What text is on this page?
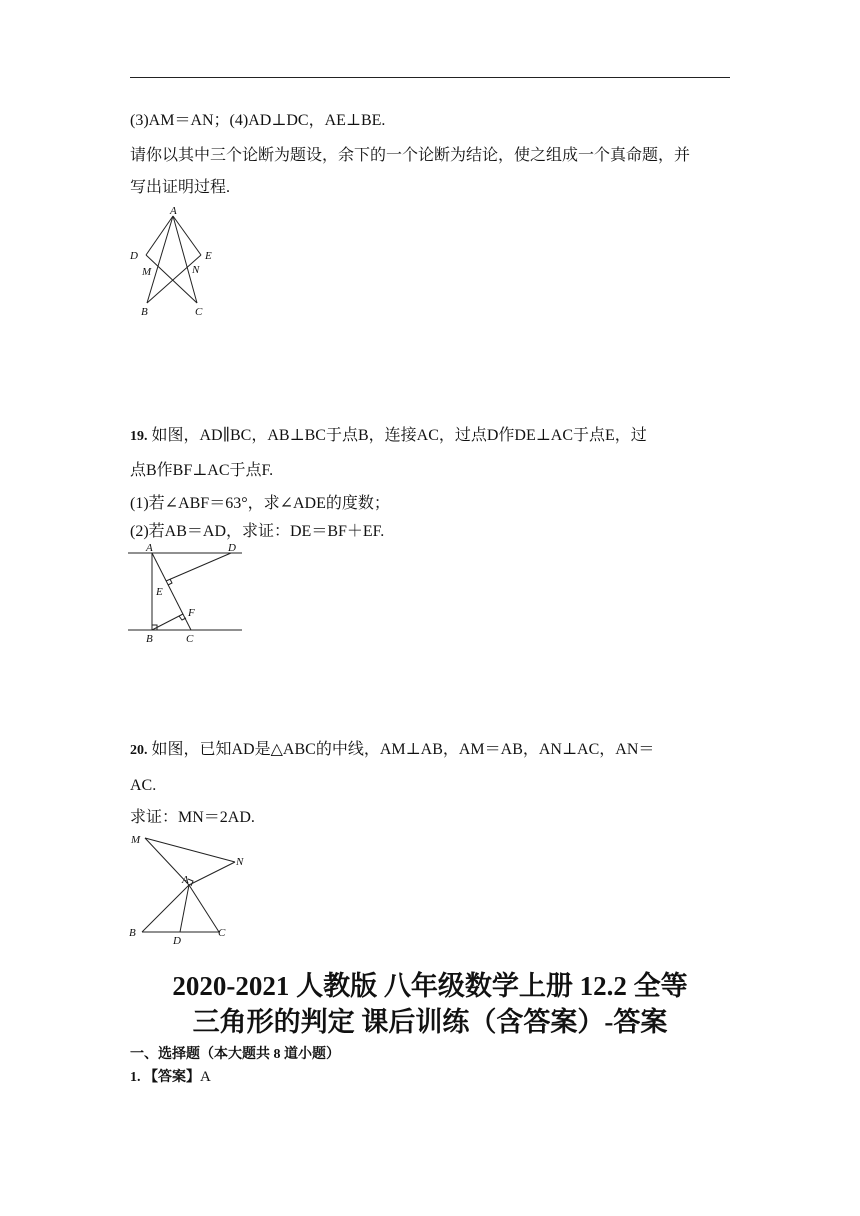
(3)AM＝AN；(4)AD⊥DC，AE⊥BE.
请你以其中三个论断为题设，余下的一个论断为结论，使之组成一个真命题，并
写出证明过程.
A
D	E
M	N
B	C
19. 如图，AD∥BC，AB⊥BC于点B，连接AC，过点D作DE⊥AC于点E，过
点B作BF⊥AC于点F.
(1)若∠ABF＝63°，求∠ADE的度数；
(2)若AB＝AD，求证：DE＝BF＋EF.
A	D
E
F
B	C
20. 如图，已知AD是△ABC的中线，AM⊥AB，AM＝AB，AN⊥AC，AN＝
AC.
求证：MN＝2AD.
M
N
A
B
D
C
2020-2021 人教版 八年级数学上册 12.2 全等
三角形的判定 课后训练（含答案）-答案
一、选择题（本大题共 8 道小题）
1. 【答案】A
